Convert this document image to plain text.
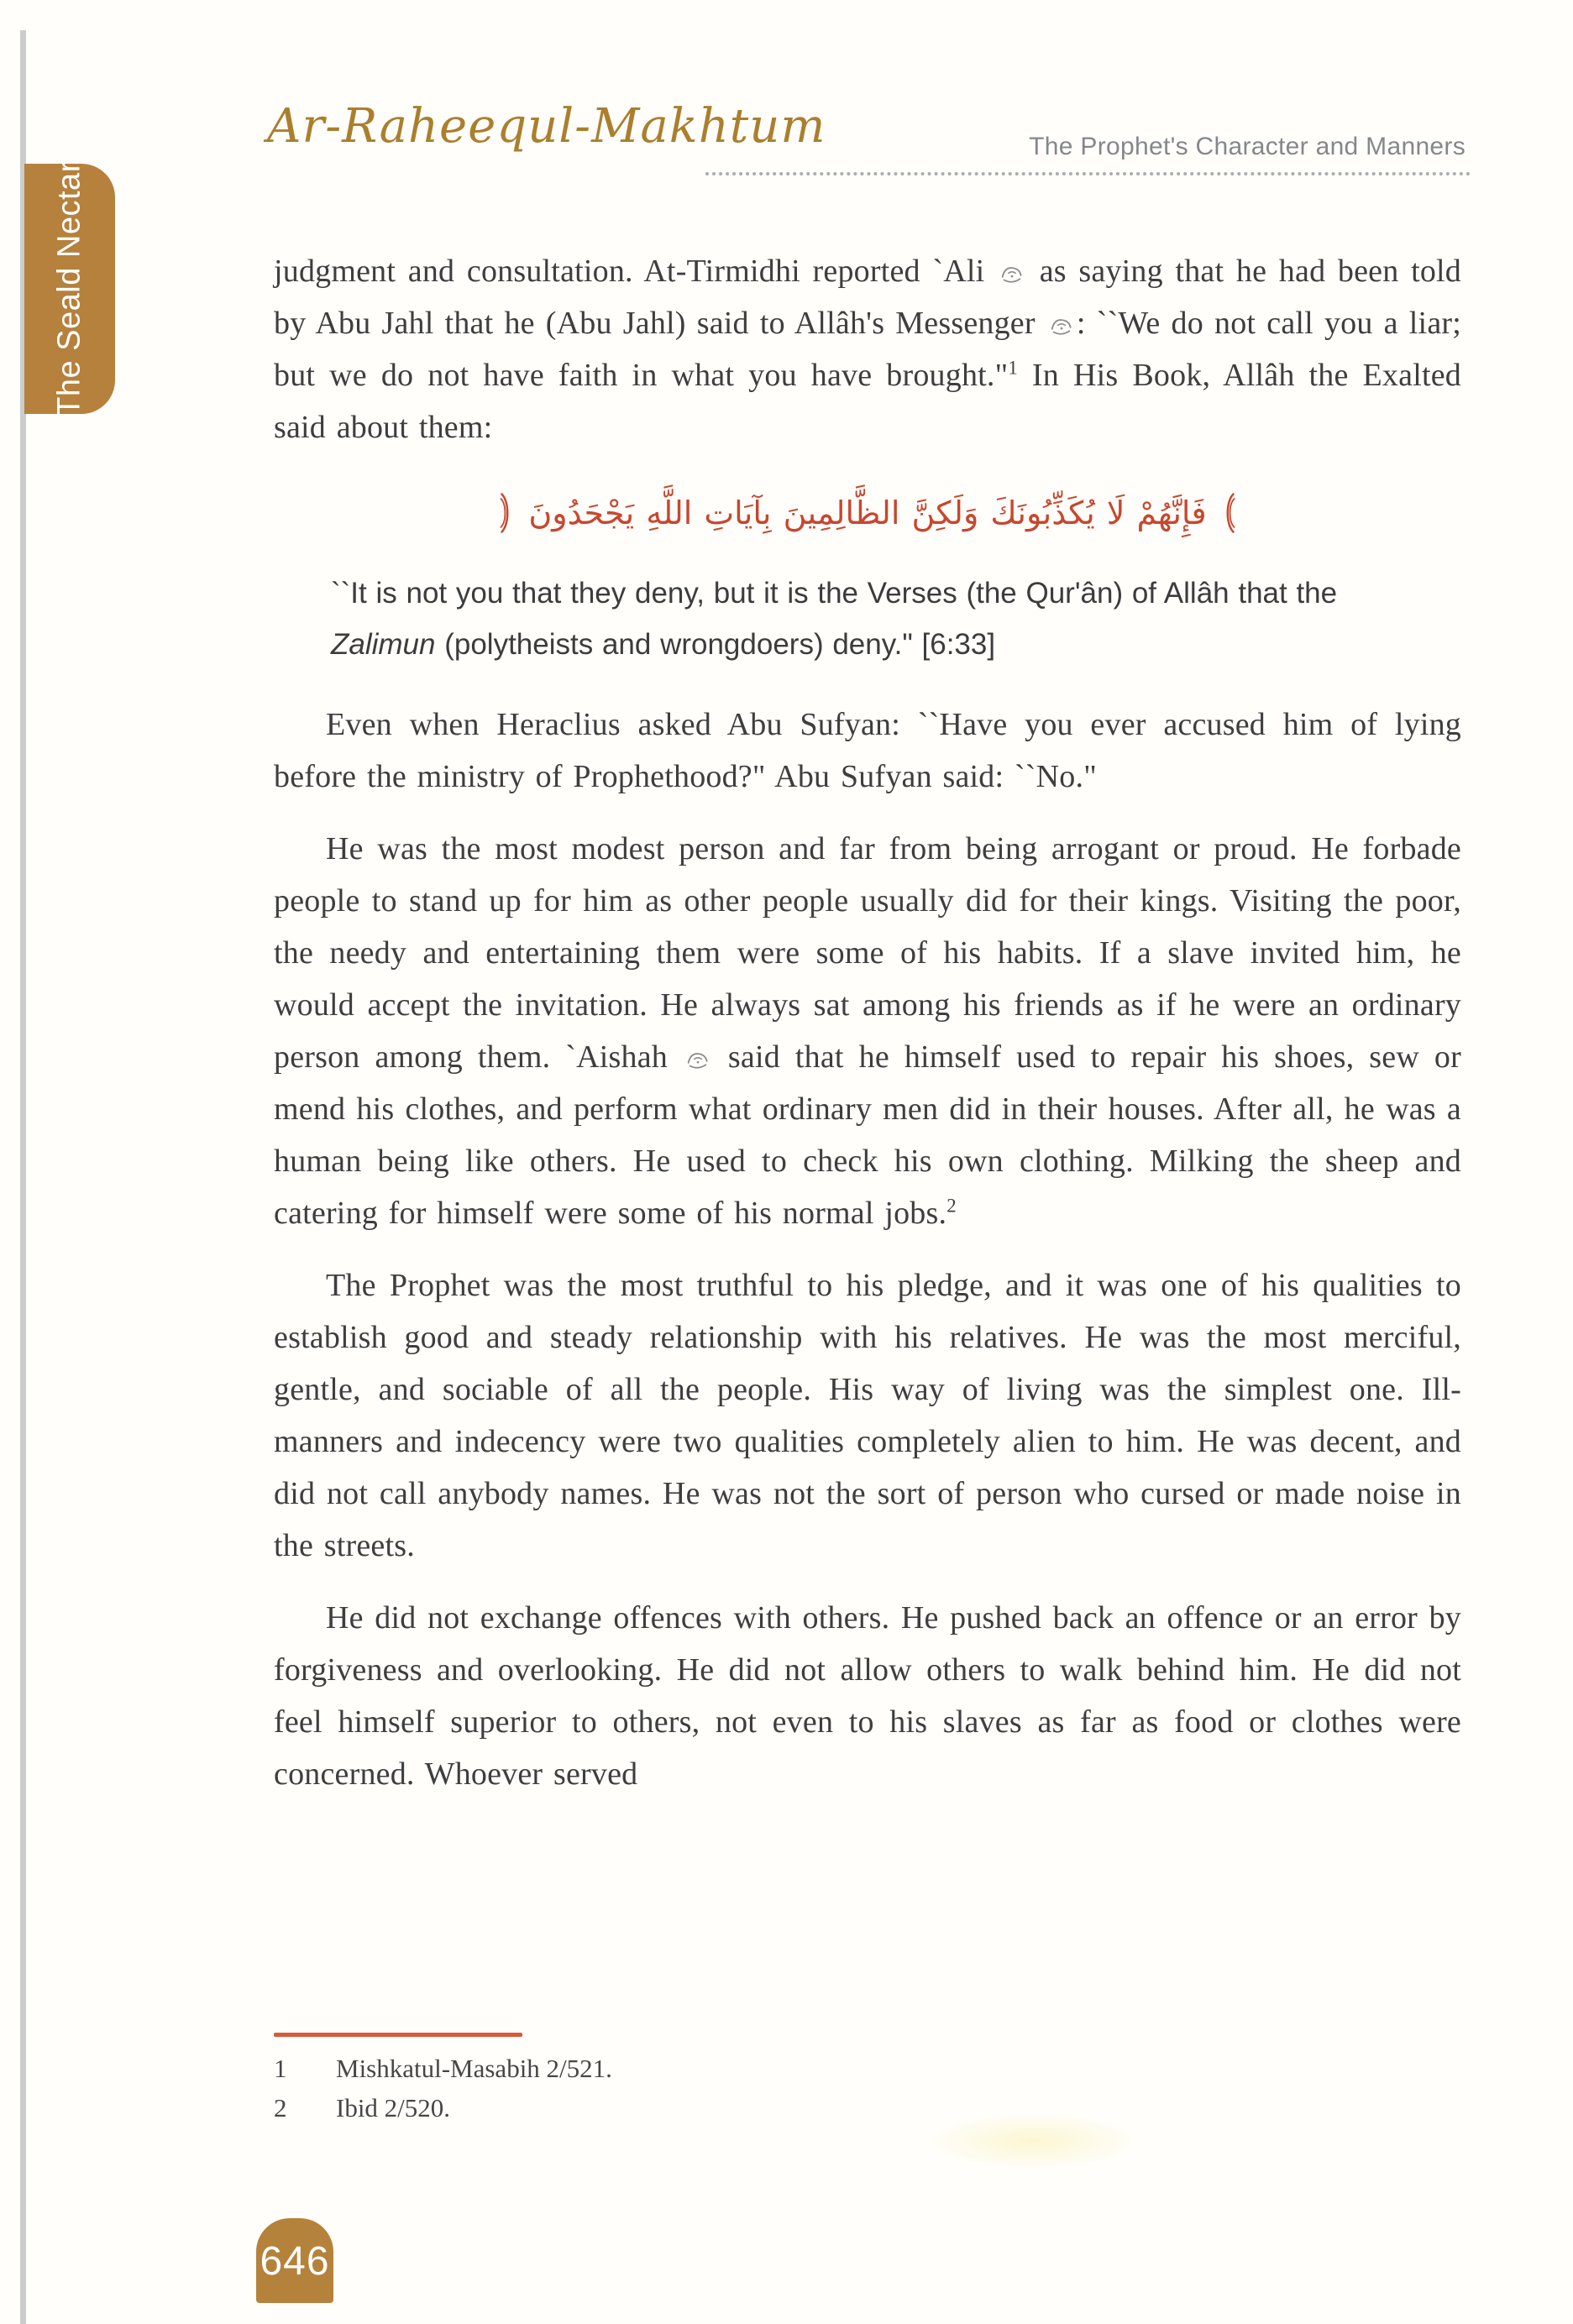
The Seald Nectar
Ar-Raheequl-Makhtum	The Prophet's Character and Manners

judgment and consultation. At-Tirmidhi reported `Ali
as saying that he had been told by Abu Jahl that he (Abu Jahl) said to Allâh's Messenger
: ``We do not call you a liar; but we do not have faith in what you have brought."$^1$ In His Book, Allâh the Exalted said about them:

فَإِنَّهُمْ لَا يُكَذِّبُونَكَ وَلَكِنَّ الظَّالِمِينَ بِآيَاتِ اللَّهِ يَجْحَدُونَ
``It is not you that they deny, but it is the Verses (the Qur'ân) of Allâh that the Zalimun (polytheists and wrongdoers) deny." [6:33]

Even when Heraclius asked Abu Sufyan: ``Have you ever accused him of lying before the ministry of Prophethood?" Abu Sufyan said: ``No."

He was the most modest person and far from being arrogant or proud. He forbade people to stand up for him as other people usually did for their kings. Visiting the poor, the needy and entertaining them were some of his habits. If a slave invited him, he would accept the invitation. He always sat among his friends as if he were an ordinary person among them. `Aishah
said that he himself used to repair his shoes, sew or mend his clothes, and perform what ordinary men did in their houses. After all, he was a human being like others. He used to check his own clothing. Milking the sheep and catering for himself were some of his normal jobs.$^2$

The Prophet was the most truthful to his pledge, and it was one of his qualities to establish good and steady relationship with his relatives. He was the most merciful, gentle, and sociable of all the people. His way of living was the simplest one. Ill-manners and indecency were two qualities completely alien to him. He was decent, and did not call anybody names. He was not the sort of person who cursed or made noise in the streets.

He did not exchange offences with others. He pushed back an offence or an error by forgiveness and overlooking. He did not allow others to walk behind him. He did not feel himself superior to others, not even to his slaves as far as food or clothes were concerned. Whoever served

1	Mishkatul-Masabih 2/521.
2	Ibid 2/520.
646
